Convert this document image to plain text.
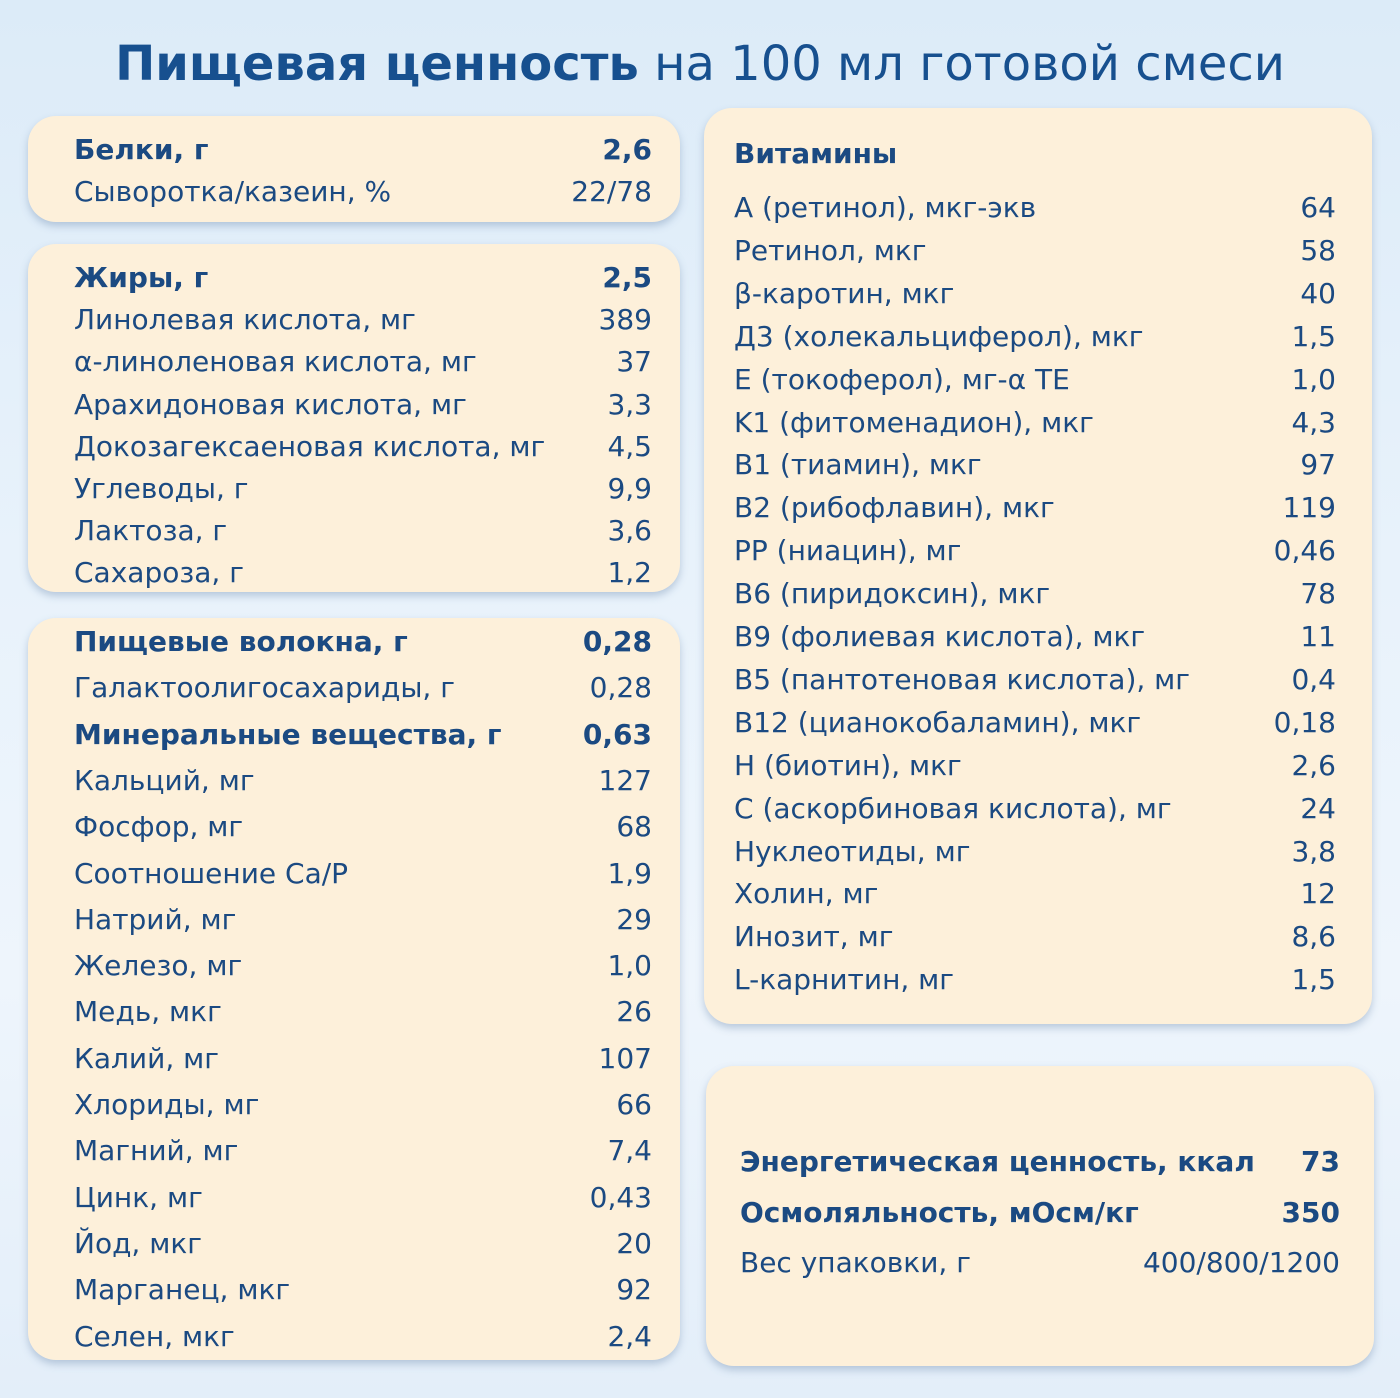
Пищевая ценность на 100 мл готовой смеси
Белки, г	2,6
Сыворотка/казеин, %	22/78
Жиры, г	2,5
Линолевая кислота, мг	389
α-линоленовая кислота, мг	37
Арахидоновая кислота, мг	3,3
Докозагексаеновая кислота, мг 4,5
Углеводы, г	9,9
Лактоза, г	3,6
Сахароза, г	1,2
Пищевые волокна, г	0,28
Галактоолигосахариды, г	0,28
Минеральные вещества, г	0,63
Кальций, мг	127
Фосфор, мг	68
Соотношение Ca/P	1,9
Натрий, мг	29
Железо, мг	1,0
Медь, мкг	26
Калий, мг	107
Хлориды, мг	66
Магний, мг	7,4
Цинк, мг	0,43
Йод, мкг	20
Марганец, мкг	92
Селен, мкг	2,4
Витамины
A (ретинол), мкг-экв	64
Ретинол, мкг	58
β-каротин, мкг	40
Д3 (холекальциферол), мкг	1,5
E (токоферол), мг-α ТЕ	1,0
K1 (фитоменадион), мкг	4,3
B1 (тиамин), мкг	97
B2 (рибофлавин), мкг	119
PP (ниацин), мг	0,46
B6 (пиридоксин), мкг	78
B9 (фолиевая кислота), мкг	11
B5 (пантотеновая кислота), мг	0,4
B12 (цианокобаламин), мкг	0,18
H (биотин), мкг	2,6
C (аскорбиновая кислота), мг	24
Нуклеотиды, мг	3,8
Холин, мг	12
Инозит, мг	8,6
L-карнитин, мг	1,5
Энергетическая ценность, ккал 73
Осмоляльность, мОсм/кг	350
Вес упаковки, г	400/800/1200
